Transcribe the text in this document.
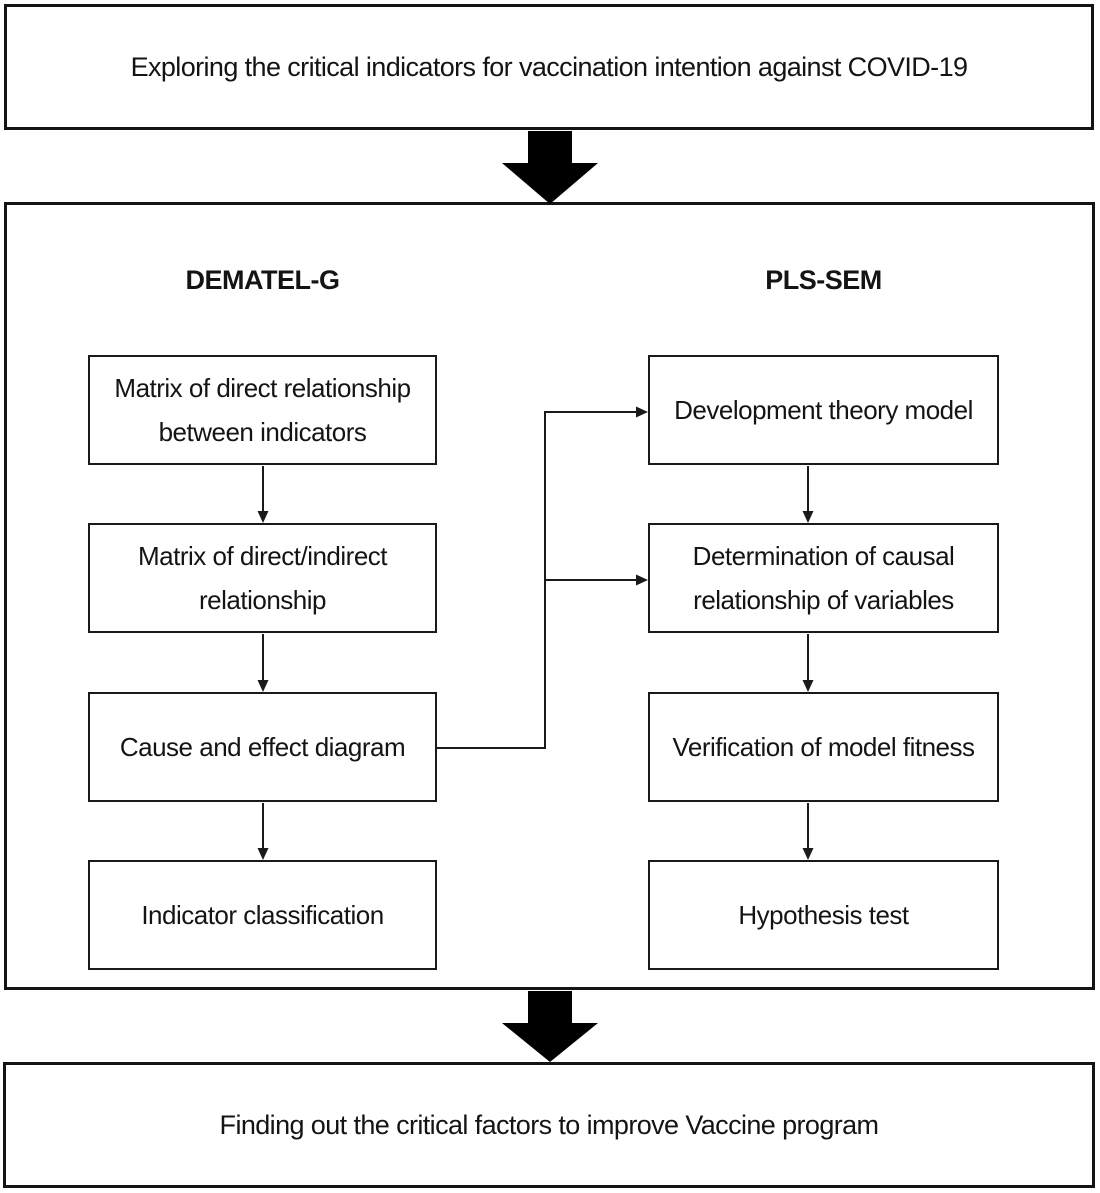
Exploring the critical indicators for vaccination intention against COVID-19
DEMATEL-G	PLS-SEM
Matrix of direct relationship
between indicators
Matrix of direct/indirect
relationship
Cause and effect diagram
Indicator classification
Development theory model
Determination of causal
relationship of variables
Verification of model fitness
Hypothesis test
Finding out the critical factors to improve Vaccine program
